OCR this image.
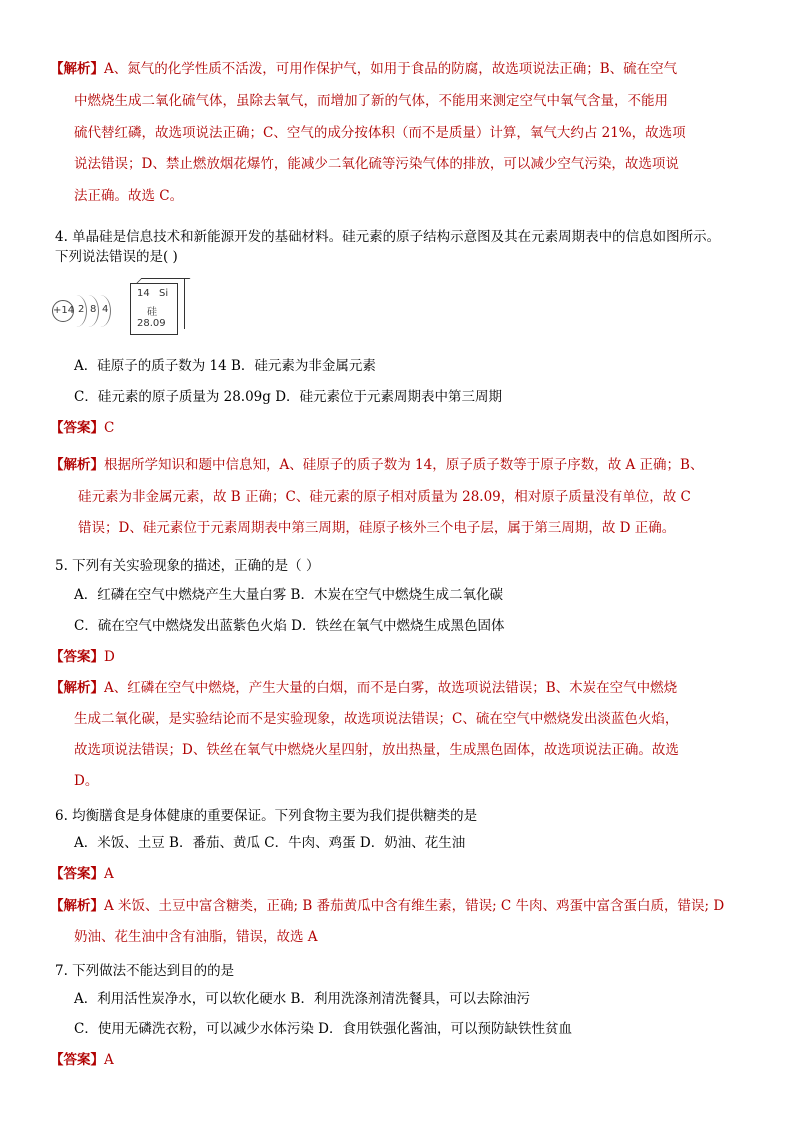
【解析】A、氮气的化学性质不活泼，可用作保护气，如用于食品的防腐，故选项说法正确；B、硫在空气
中燃烧生成二氧化硫气体，虽除去氧气，而增加了新的气体，不能用来测定空气中氧气含量，不能用
硫代替红磷，故选项说法正确；C、空气的成分按体积（而不是质量）计算，氧气大约占 21%，故选项
说法错误；D、禁止燃放烟花爆竹，能减少二氧化硫等污染气体的排放，可以减少空气污染，故选项说
法正确。故选 C。
4. 单晶硅是信息技术和新能源开发的基础材料。硅元素的原子结构示意图及其在元素周期表中的信息如图所示。
下列说法错误的是( )
+14 2 8 4
14 Si
硅
28.09
A．硅原子的质子数为 14 B．硅元素为非金属元素
C．硅元素的原子质量为 28.09g D．硅元素位于元素周期表中第三周期
【答案】C
【解析】根据所学知识和题中信息知，A、硅原子的质子数为 14，原子质子数等于原子序数，故 A 正确；B、
硅元素为非金属元素，故 B 正确；C、硅元素的原子相对质量为 28.09，相对原子质量没有单位，故 C
错误；D、硅元素位于元素周期表中第三周期，硅原子核外三个电子层，属于第三周期，故 D 正确。
5. 下列有关实验现象的描述，正确的是（ ）
A．红磷在空气中燃烧产生大量白雾 B．木炭在空气中燃烧生成二氧化碳
C．硫在空气中燃烧发出蓝紫色火焰 D．铁丝在氧气中燃烧生成黑色固体
【答案】D
【解析】A、红磷在空气中燃烧，产生大量的白烟，而不是白雾，故选项说法错误；B、木炭在空气中燃烧
生成二氧化碳，是实验结论而不是实验现象，故选项说法错误；C、硫在空气中燃烧发出淡蓝色火焰，
故选项说法错误；D、铁丝在氧气中燃烧火星四射，放出热量，生成黑色固体，故选项说法正确。故选
D。
6. 均衡膳食是身体健康的重要保证。下列食物主要为我们提供糖类的是
A．米饭、土豆 B．番茄、黄瓜 C．牛肉、鸡蛋 D．奶油、花生油
【答案】A
【解析】A 米饭、土豆中富含糖类，正确; B 番茄黄瓜中含有维生素，错误; C 牛肉、鸡蛋中富含蛋白质，错误; D
奶油、花生油中含有油脂，错误，故选 A
7. 下列做法不能达到目的的是
A．利用活性炭净水，可以软化硬水 B．利用洗涤剂清洗餐具，可以去除油污
C．使用无磷洗衣粉，可以减少水体污染 D．食用铁强化酱油，可以预防缺铁性贫血
【答案】A
